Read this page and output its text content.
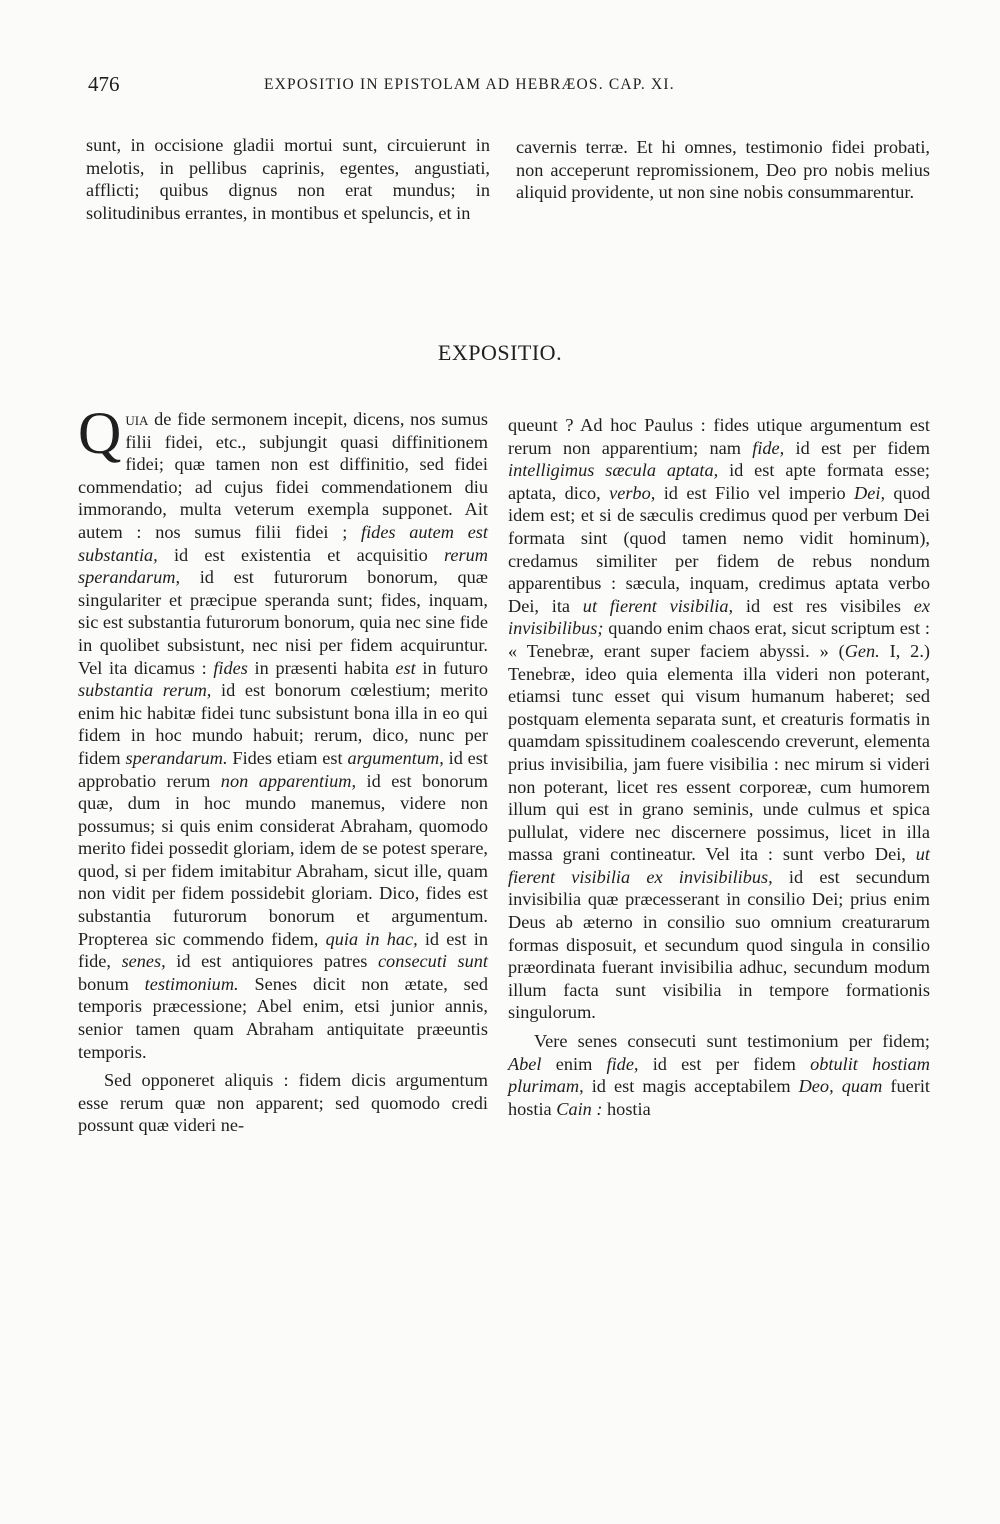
476	EXPOSITIO IN EPISTOLAM AD HEBRÆOS. CAP. XI.

sunt, in occisione gladii mortui sunt, circuierunt in melotis, in pellibus caprinis, egentes, angustiati, afflicti; quibus dignus non erat mundus; in solitudinibus errantes, in montibus et speluncis, et in

cavernis terræ. Et hi omnes, testimonio fidei probati, non acceperunt repromissionem, Deo pro nobis melius aliquid providente, ut non sine nobis consummarentur.

EXPOSITIO.

Quia de fide sermonem incepit, dicens, nos sumus filii fidei, etc., subjungit quasi diffinitionem fidei; quæ tamen non est diffinitio, sed fidei commendatio; ad cujus fidei commendationem diu immorando, multa veterum exempla supponet. Ait autem : nos sumus filii fidei ; fides autem est substantia, id est existentia et acquisitio rerum sperandarum, id est futurorum bonorum, quæ singulariter et præcipue speranda sunt; fides, inquam, sic est substantia futurorum bonorum, quia nec sine fide in quolibet subsistunt, nec nisi per fidem acquiruntur. Vel ita dicamus : fides in præsenti habita est in futuro substantia rerum, id est bonorum cœlestium; merito enim hic habitæ fidei tunc subsistunt bona illa in eo qui fidem in hoc mundo habuit; rerum, dico, nunc per fidem sperandarum. Fides etiam est argumentum, id est approbatio rerum non apparentium, id est bonorum quæ, dum in hoc mundo manemus, videre non possumus; si quis enim considerat Abraham, quomodo merito fidei possedit gloriam, idem de se potest sperare, quod, si per fidem imitabitur Abraham, sicut ille, quam non vidit per fidem possidebit gloriam. Dico, fides est substantia futurorum bonorum et argumentum. Propterea sic commendo fidem, quia in hac, id est in fide, senes, id est antiquiores patres consecuti sunt bonum testimonium. Senes dicit non ætate, sed temporis præcessione; Abel enim, etsi junior annis, senior tamen quam Abraham antiquitate præeuntis temporis.

Sed opponeret aliquis : fidem dicis argumentum esse rerum quæ non apparent; sed quomodo credi possunt quæ videri ne-

queunt ? Ad hoc Paulus : fides utique argumentum est rerum non apparentium; nam fide, id est per fidem intelligimus sæcula aptata, id est apte formata esse; aptata, dico, verbo, id est Filio vel imperio Dei, quod idem est; et si de sæculis credimus quod per verbum Dei formata sint (quod tamen nemo vidit hominum), credamus similiter per fidem de rebus nondum apparentibus : sæcula, inquam, credimus aptata verbo Dei, ita ut fierent visibilia, id est res visibiles ex invisibilibus; quando enim chaos erat, sicut scriptum est : « Tenebræ, erant super faciem abyssi. » (Gen. I, 2.) Tenebræ, ideo quia elementa illa videri non poterant, etiamsi tunc esset qui visum humanum haberet; sed postquam elementa separata sunt, et creaturis formatis in quamdam spissitudinem coalescendo creverunt, elementa prius invisibilia, jam fuere visibilia : nec mirum si videri non poterant, licet res essent corporeæ, cum humorem illum qui est in grano seminis, unde culmus et spica pullulat, videre nec discernere possimus, licet in illa massa grani contineatur. Vel ita : sunt verbo Dei, ut fierent visibilia ex invisibilibus, id est secundum invisibilia quæ præcesserant in consilio Dei; prius enim Deus ab æterno in consilio suo omnium creaturarum formas disposuit, et secundum quod singula in consilio præordinata fuerant invisibilia adhuc, secundum modum illum facta sunt visibilia in tempore formationis singulorum.

Vere senes consecuti sunt testimonium per fidem; Abel enim fide, id est per fidem obtulit hostiam plurimam, id est magis acceptabilem Deo, quam fuerit hostia Cain : hostia
